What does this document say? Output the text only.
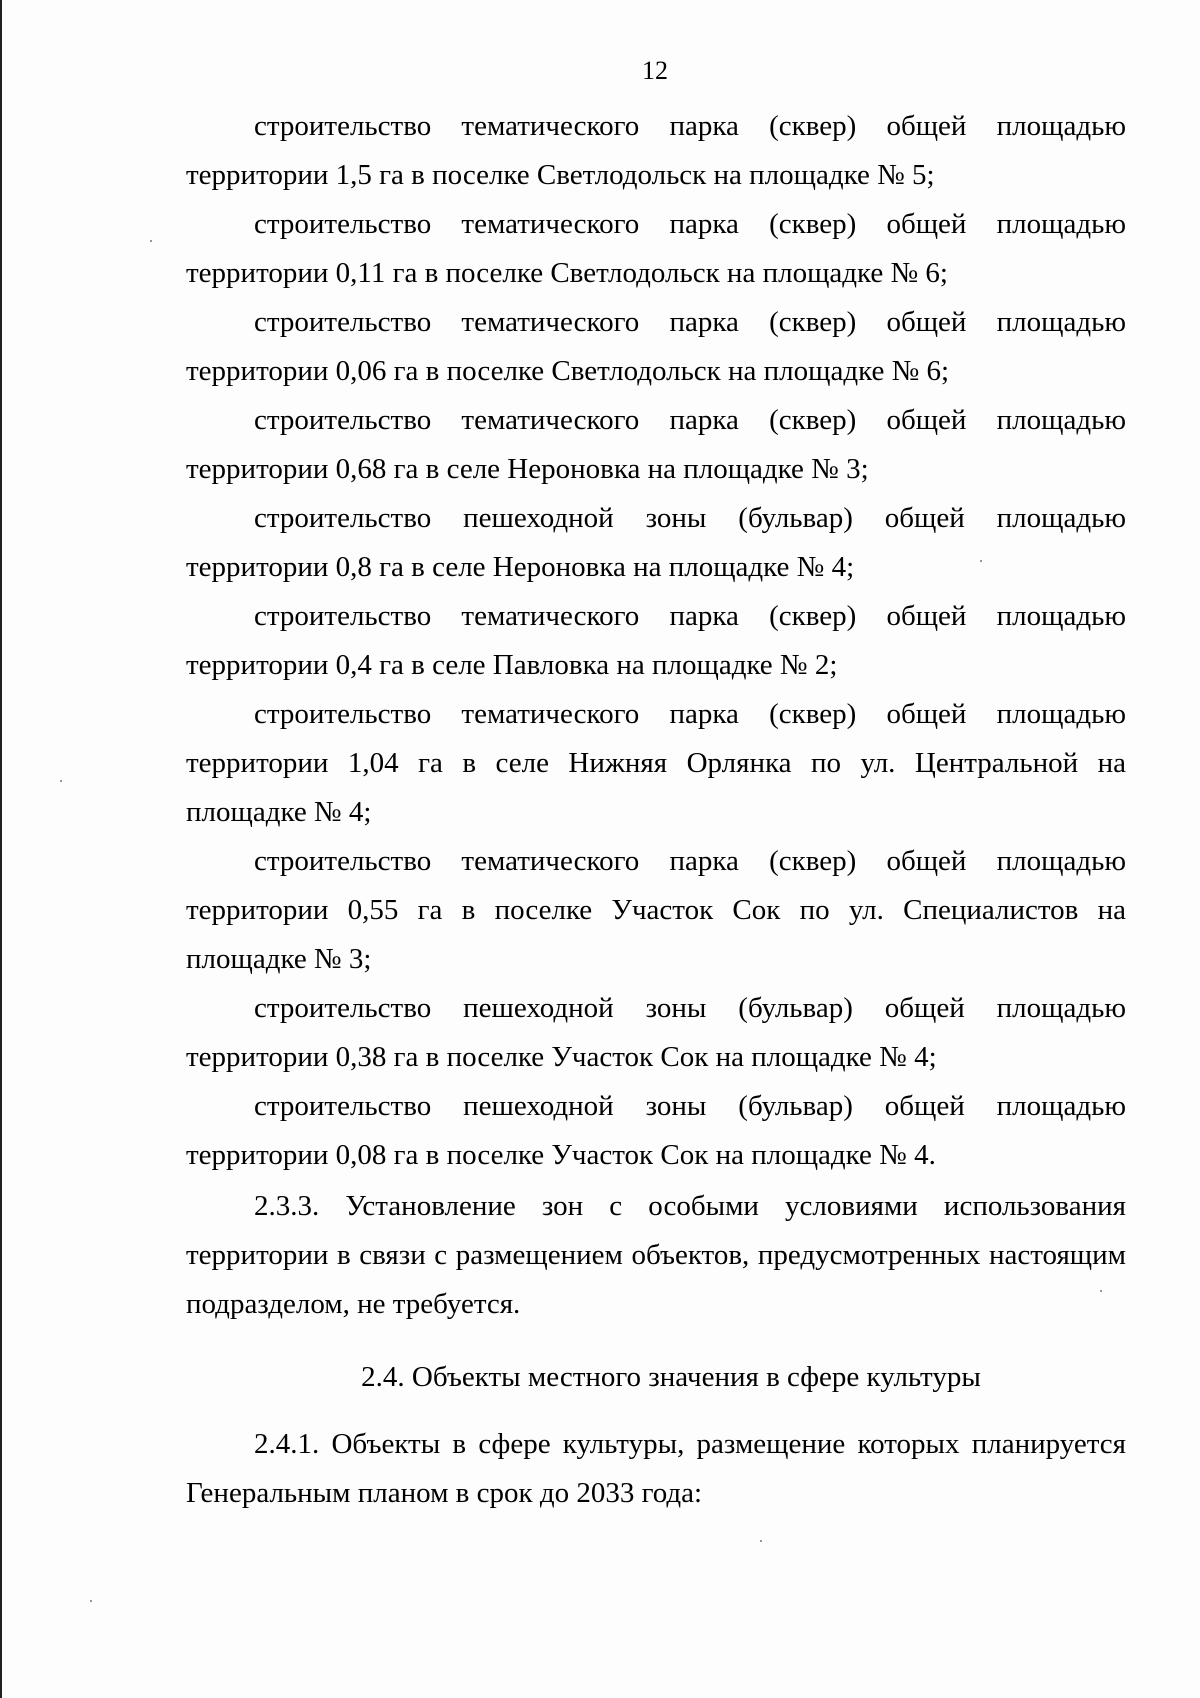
12

строительство тематического парка (сквер) общей площадью территории 1,5 га в поселке Светлодольск на площадке № 5;

строительство тематического парка (сквер) общей площадью территории 0,11 га в поселке Светлодольск на площадке № 6;

строительство тематического парка (сквер) общей площадью территории 0,06 га в поселке Светлодольск на площадке № 6;

строительство тематического парка (сквер) общей площадью территории 0,68 га в селе Нероновка на площадке № 3;

строительство пешеходной зоны (бульвар) общей площадью территории 0,8 га в селе Нероновка на площадке № 4;

строительство тематического парка (сквер) общей площадью территории 0,4 га в селе Павловка на площадке № 2;

строительство тематического парка (сквер) общей площадью территории 1,04 га в селе Нижняя Орлянка по ул. Центральной на площадке № 4;

строительство тематического парка (сквер) общей площадью территории 0,55 га в поселке Участок Сок по ул. Специалистов на площадке № 3;

строительство пешеходной зоны (бульвар) общей площадью территории 0,38 га в поселке Участок Сок на площадке № 4;

строительство пешеходной зоны (бульвар) общей площадью территории 0,08 га в поселке Участок Сок на площадке № 4.

2.3.3. Установление зон с особыми условиями использования территории в связи с размещением объектов, предусмотренных настоящим подразделом, не требуется.

2.4. Объекты местного значения в сфере культуры

2.4.1. Объекты в сфере культуры, размещение которых планируется Генеральным планом в срок до 2033 года:
